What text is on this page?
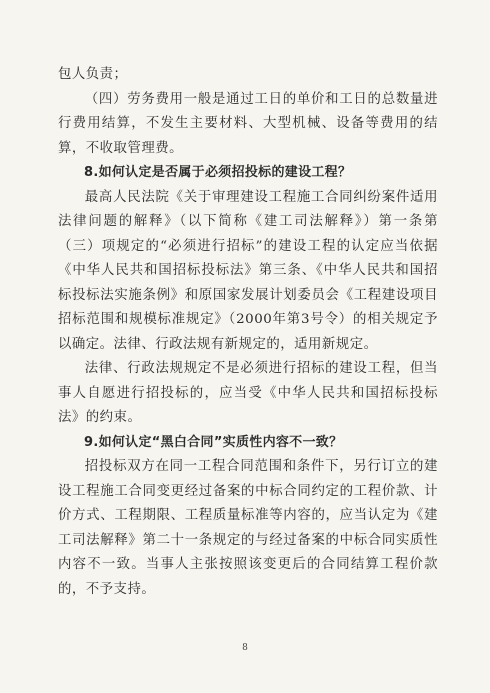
包人负责；

（四）劳务费用一般是通过工日的单价和工日的总数量进行费用结算，不发生主要材料、大型机械、设备等费用的结算，不收取管理费。

8.如何认定是否属于必须招投标的建设工程？

最高人民法院《关于审理建设工程施工合同纠纷案件适用法律问题的解释》（以下简称《建工司法解释》）第一条第（三）项规定的“必须进行招标”的建设工程的认定应当依据《中华人民共和国招标投标法》第三条、《中华人民共和国招标投标法实施条例》和原国家发展计划委员会《工程建设项目招标范围和规模标准规定》（2000年第3号令）的相关规定予以确定。法律、行政法规有新规定的，适用新规定。

法律、行政法规规定不是必须进行招标的建设工程，但当事人自愿进行招投标的，应当受《中华人民共和国招标投标法》的约束。

9.如何认定“黑白合同”实质性内容不一致？

招投标双方在同一工程合同范围和条件下，另行订立的建设工程施工合同变更经过备案的中标合同约定的工程价款、计价方式、工程期限、工程质量标准等内容的，应当认定为《建工司法解释》第二十一条规定的与经过备案的中标合同实质性内容不一致。当事人主张按照该变更后的合同结算工程价款的，不予支持。

8
